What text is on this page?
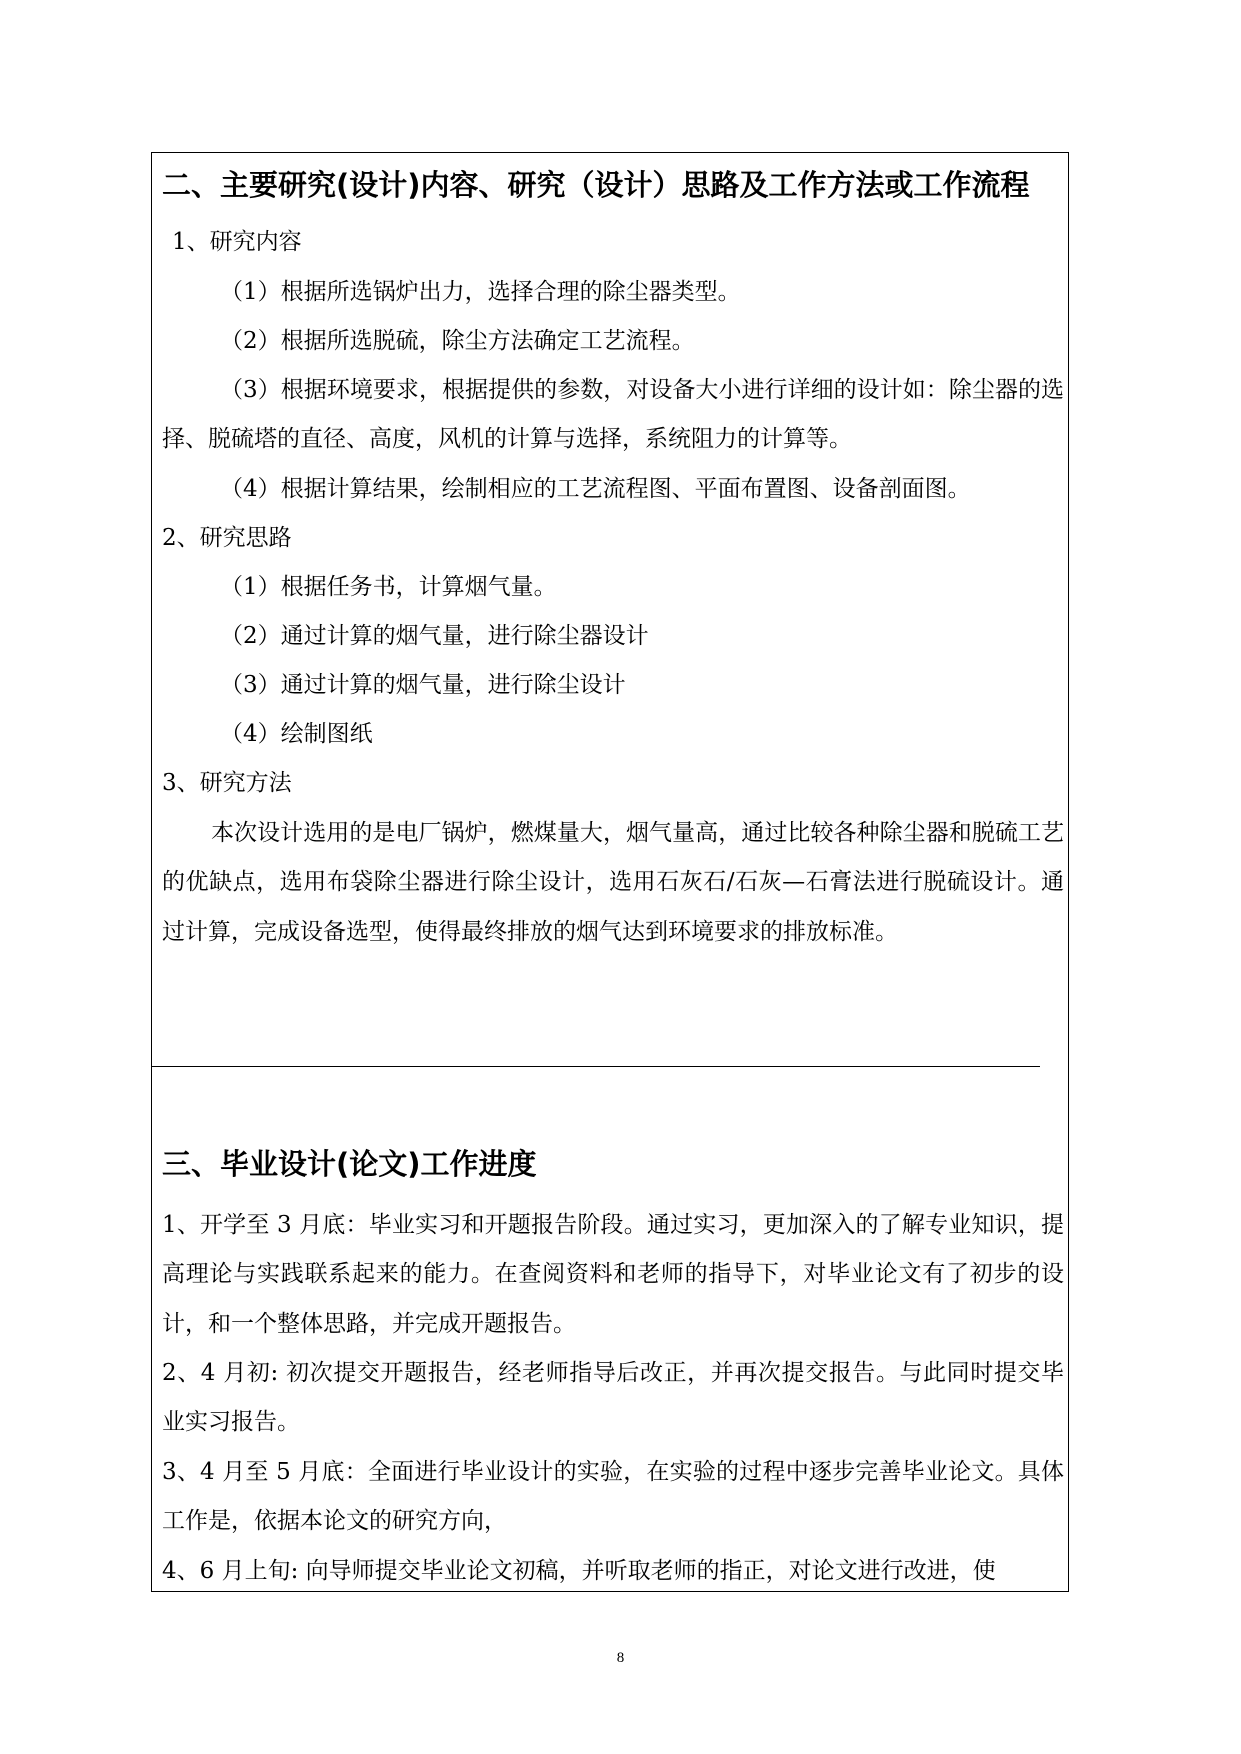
二、主要研究(设计)内容、研究（设计）思路及工作方法或工作流程
1、研究内容
（1）根据所选锅炉出力，选择合理的除尘器类型。
（2）根据所选脱硫，除尘方法确定工艺流程。
（3）根据环境要求，根据提供的参数，对设备大小进行详细的设计如：除尘器的选择、脱硫塔的直径、高度，风机的计算与选择，系统阻力的计算等。
（4）根据计算结果，绘制相应的工艺流程图、平面布置图、设备剖面图。
2、研究思路
（1）根据任务书，计算烟气量。
（2）通过计算的烟气量，进行除尘器设计
（3）通过计算的烟气量，进行除尘设计
（4）绘制图纸
3、研究方法
本次设计选用的是电厂锅炉，燃煤量大，烟气量高，通过比较各种除尘器和脱硫工艺的优缺点，选用布袋除尘器进行除尘设计，选用石灰石/石灰—石膏法进行脱硫设计。通过计算，完成设备选型，使得最终排放的烟气达到环境要求的排放标准。
三、毕业设计(论文)工作进度
1、开学至 3 月底：毕业实习和开题报告阶段。通过实习，更加深入的了解专业知识，提高理论与实践联系起来的能力。在查阅资料和老师的指导下，对毕业论文有了初步的设计，和一个整体思路，并完成开题报告。
2、4 月初: 初次提交开题报告，经老师指导后改正，并再次提交报告。与此同时提交毕业实习报告。
3、4 月至 5 月底：全面进行毕业设计的实验，在实验的过程中逐步完善毕业论文。具体工作是，依据本论文的研究方向，
4、6 月上旬: 向导师提交毕业论文初稿，并听取老师的指正，对论文进行改进，使
8
